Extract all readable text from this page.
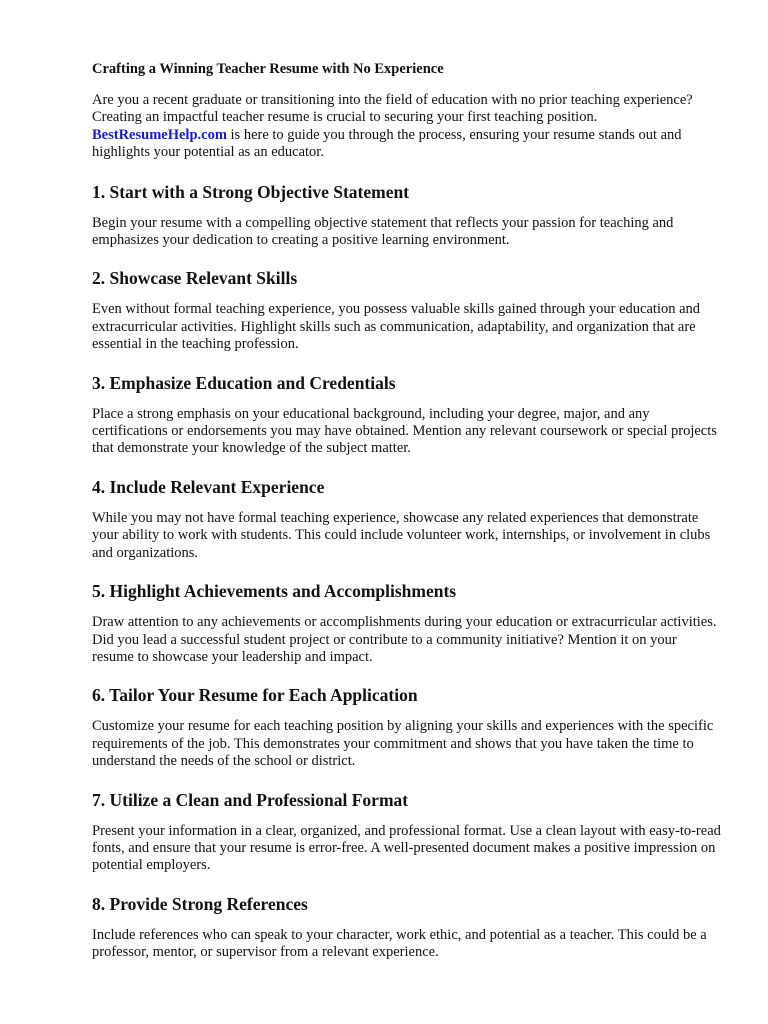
Crafting a Winning Teacher Resume with No Experience

Are you a recent graduate or transitioning into the field of education with no prior teaching experience? Creating an impactful teacher resume is crucial to securing your first teaching position. BestResumeHelp.com is here to guide you through the process, ensuring your resume stands out and highlights your potential as an educator.

1. Start with a Strong Objective Statement

Begin your resume with a compelling objective statement that reflects your passion for teaching and emphasizes your dedication to creating a positive learning environment.

2. Showcase Relevant Skills

Even without formal teaching experience, you possess valuable skills gained through your education and extracurricular activities. Highlight skills such as communication, adaptability, and organization that are essential in the teaching profession.

3. Emphasize Education and Credentials

Place a strong emphasis on your educational background, including your degree, major, and any certifications or endorsements you may have obtained. Mention any relevant coursework or special projects that demonstrate your knowledge of the subject matter.

4. Include Relevant Experience

While you may not have formal teaching experience, showcase any related experiences that demonstrate your ability to work with students. This could include volunteer work, internships, or involvement in clubs and organizations.

5. Highlight Achievements and Accomplishments

Draw attention to any achievements or accomplishments during your education or extracurricular activities. Did you lead a successful student project or contribute to a community initiative? Mention it on your resume to showcase your leadership and impact.

6. Tailor Your Resume for Each Application

Customize your resume for each teaching position by aligning your skills and experiences with the specific requirements of the job. This demonstrates your commitment and shows that you have taken the time to understand the needs of the school or district.

7. Utilize a Clean and Professional Format

Present your information in a clear, organized, and professional format. Use a clean layout with easy-to-read fonts, and ensure that your resume is error-free. A well-presented document makes a positive impression on potential employers.

8. Provide Strong References

Include references who can speak to your character, work ethic, and potential as a teacher. This could be a professor, mentor, or supervisor from a relevant experience.
